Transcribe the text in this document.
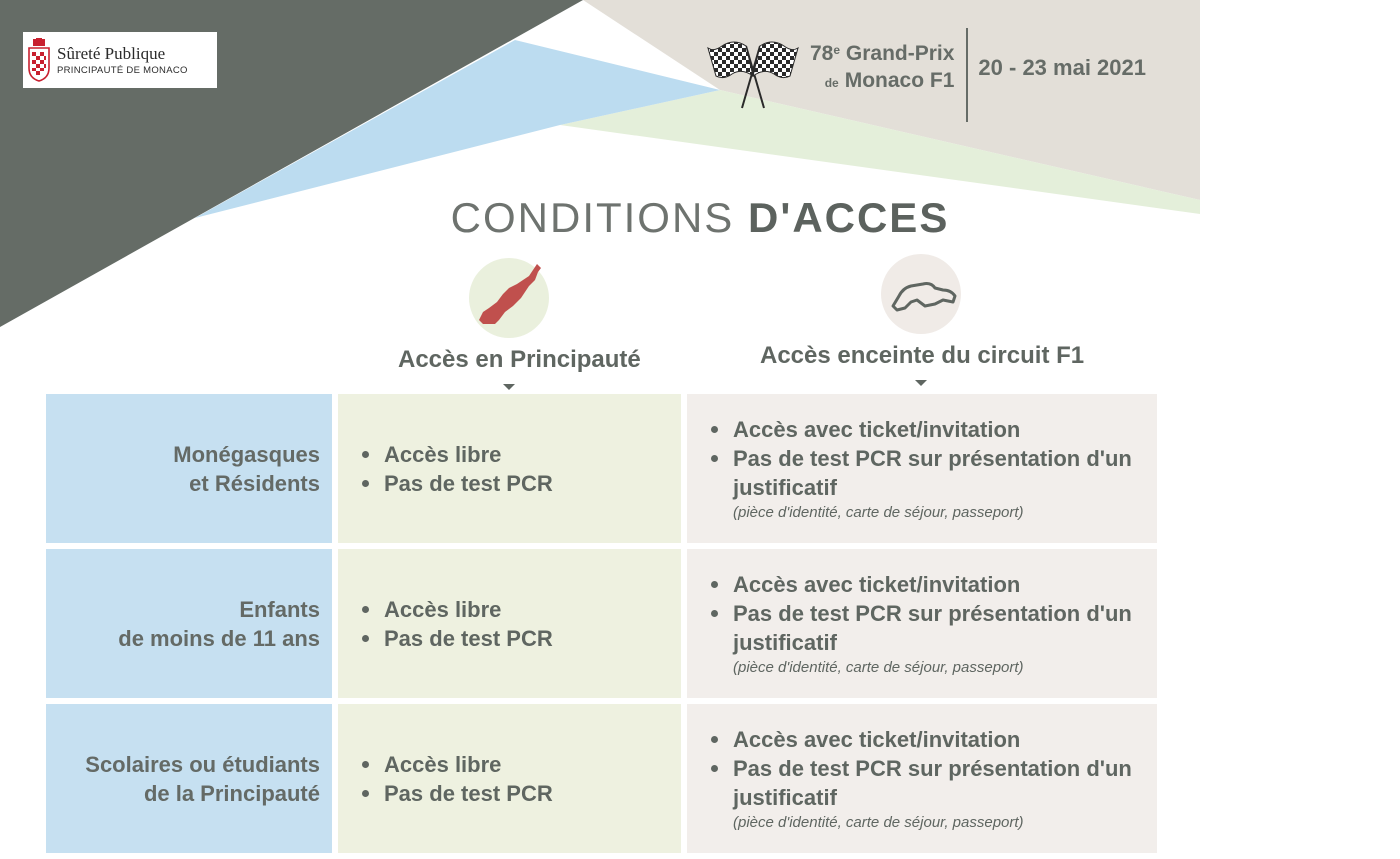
Sûreté Publique
PRINCIPAUTÉ DE MONACO
78e Grand-Prix
de Monaco F1
20 - 23 mai 2021
CONDITIONS D'ACCES
Accès en Principauté	Accès enceinte du circuit F1
Monégasques
et Résidents
Accès libre
Pas de test PCR
Accès avec ticket/invitation
Pas de test PCR sur présentation d'un justificatif
(pièce d'identité, carte de séjour, passeport)
Enfants
de moins de 11 ans
Accès libre
Pas de test PCR
Accès avec ticket/invitation
Pas de test PCR sur présentation d'un justificatif
(pièce d'identité, carte de séjour, passeport)
Scolaires ou étudiants
de la Principauté
Accès libre
Pas de test PCR
Accès avec ticket/invitation
Pas de test PCR sur présentation d'un justificatif
(pièce d'identité, carte de séjour, passeport)
